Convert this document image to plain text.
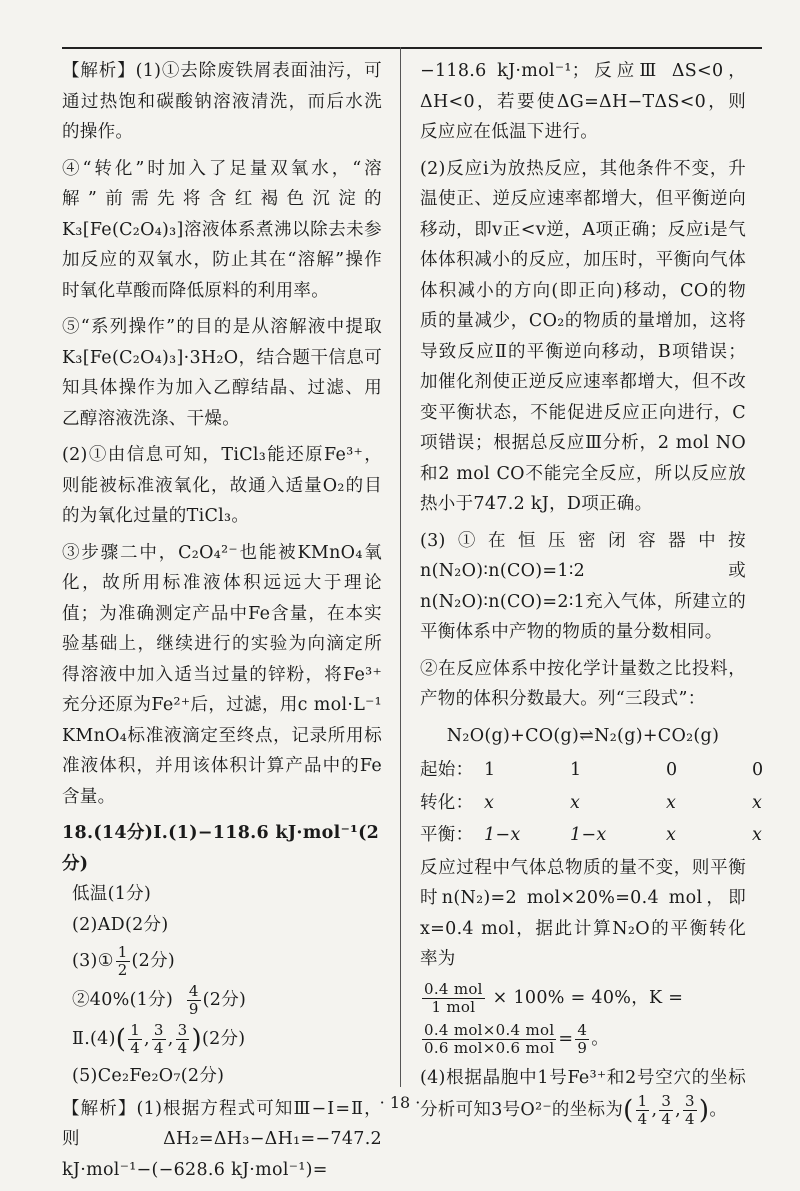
【解析】(1)①去除废铁屑表面油污，可通过热饱和碳酸钠溶液清洗，而后水洗的操作。

④“转化”时加入了足量双氧水，“溶解”前需先将含红褐色沉淀的K₃[Fe(C₂O₄)₃]溶液体系煮沸以除去未参加反应的双氧水，防止其在“溶解”操作时氧化草酸而降低原料的利用率。

⑤“系列操作”的目的是从溶解液中提取K₃[Fe(C₂O₄)₃]·3H₂O，结合题干信息可知具体操作为加入乙醇结晶、过滤、用乙醇溶液洗涤、干燥。

(2)①由信息可知，TiCl₃能还原Fe³⁺，则能被标准液氧化，故通入适量O₂的目的为氧化过量的TiCl₃。

③步骤二中，C₂O₄²⁻也能被KMnO₄氧化，故所用标准液体积远远大于理论值；为准确测定产品中Fe含量，在本实验基础上，继续进行的实验为向滴定所得溶液中加入适当过量的锌粉，将Fe³⁺充分还原为Fe²⁺后，过滤，用c mol·L⁻¹ KMnO₄标准液滴定至终点，记录所用标准液体积，并用该体积计算产品中的Fe含量。

18.(14分)Ⅰ.(1)−118.6 kJ·mol⁻¹(2分)
低温(1分)
(2)AD(2分)
(3)① $\frac{1}{2} (2$分)
②40%(1分) $\frac{4}{9} (2$分)
Ⅱ.(4)( $\frac{1}{4}$ , $\frac{3}{4}$ , $\frac{3}{4} )(2$分)
(5)Ce₂Fe₂O₇(2分)

【解析】(1)根据方程式可知Ⅲ−Ⅰ=Ⅱ，则ΔH₂=ΔH₃−ΔH₁=−747.2 kJ·mol⁻¹−(−628.6 kJ·mol⁻¹)=

−118.6 kJ·mol⁻¹；反应Ⅲ ΔS<0，ΔH<0，若要使ΔG=ΔH−TΔS<0，则反应应在低温下进行。

(2)反应ⅰ为放热反应，其他条件不变，升温使正、逆反应速率都增大，但平衡逆向移动，即v正<v逆，A项正确；反应ⅰ是气体体积减小的反应，加压时，平衡向气体体积减小的方向(即正向)移动，CO的物质的量减少，CO₂的物质的量增加，这将导致反应Ⅱ的平衡逆向移动，B项错误；加催化剂使正逆反应速率都增大，但不改变平衡状态，不能促进反应正向进行，C项错误；根据总反应Ⅲ分析，2 mol NO和2 mol CO不能完全反应，所以反应放热小于747.2 kJ，D项正确。

(3)①在恒压密闭容器中按n(N₂O)∶n(CO)=1∶2或n(N₂O)∶n(CO)=2∶1充入气体，所建立的平衡体系中产物的物质的量分数相同。

②在反应体系中按化学计量数之比投料，产物的体积分数最大。列“三段式”：

N₂O(g)+CO(g)⇌N₂(g)+CO₂(g)
起始： 1	1	0	0
转化： x	x	x	x
平衡： 1−x	1−x	x	x

反应过程中气体总物质的量不变，则平衡时n(N₂)=2 mol×20%=0.4 mol，即x=0.4 mol，据此计算N₂O的平衡转化率为

$\frac{\text{0.4 mol}}{\text{1 mol}} \times 100\% = 40\%$，K =
$\frac{\text{0.4 mol×0.4 mol}}{\text{0.6 mol×0.6 mol}} = \frac{4}{9}$ 。

(4)根据晶胞中1号Fe³⁺和2号空穴的坐标分析可知3号O²⁻的坐标为( $\frac{1}{4}$ , $\frac{3}{4}$ , $\frac{3}{4}$ )。

· 18 ·
